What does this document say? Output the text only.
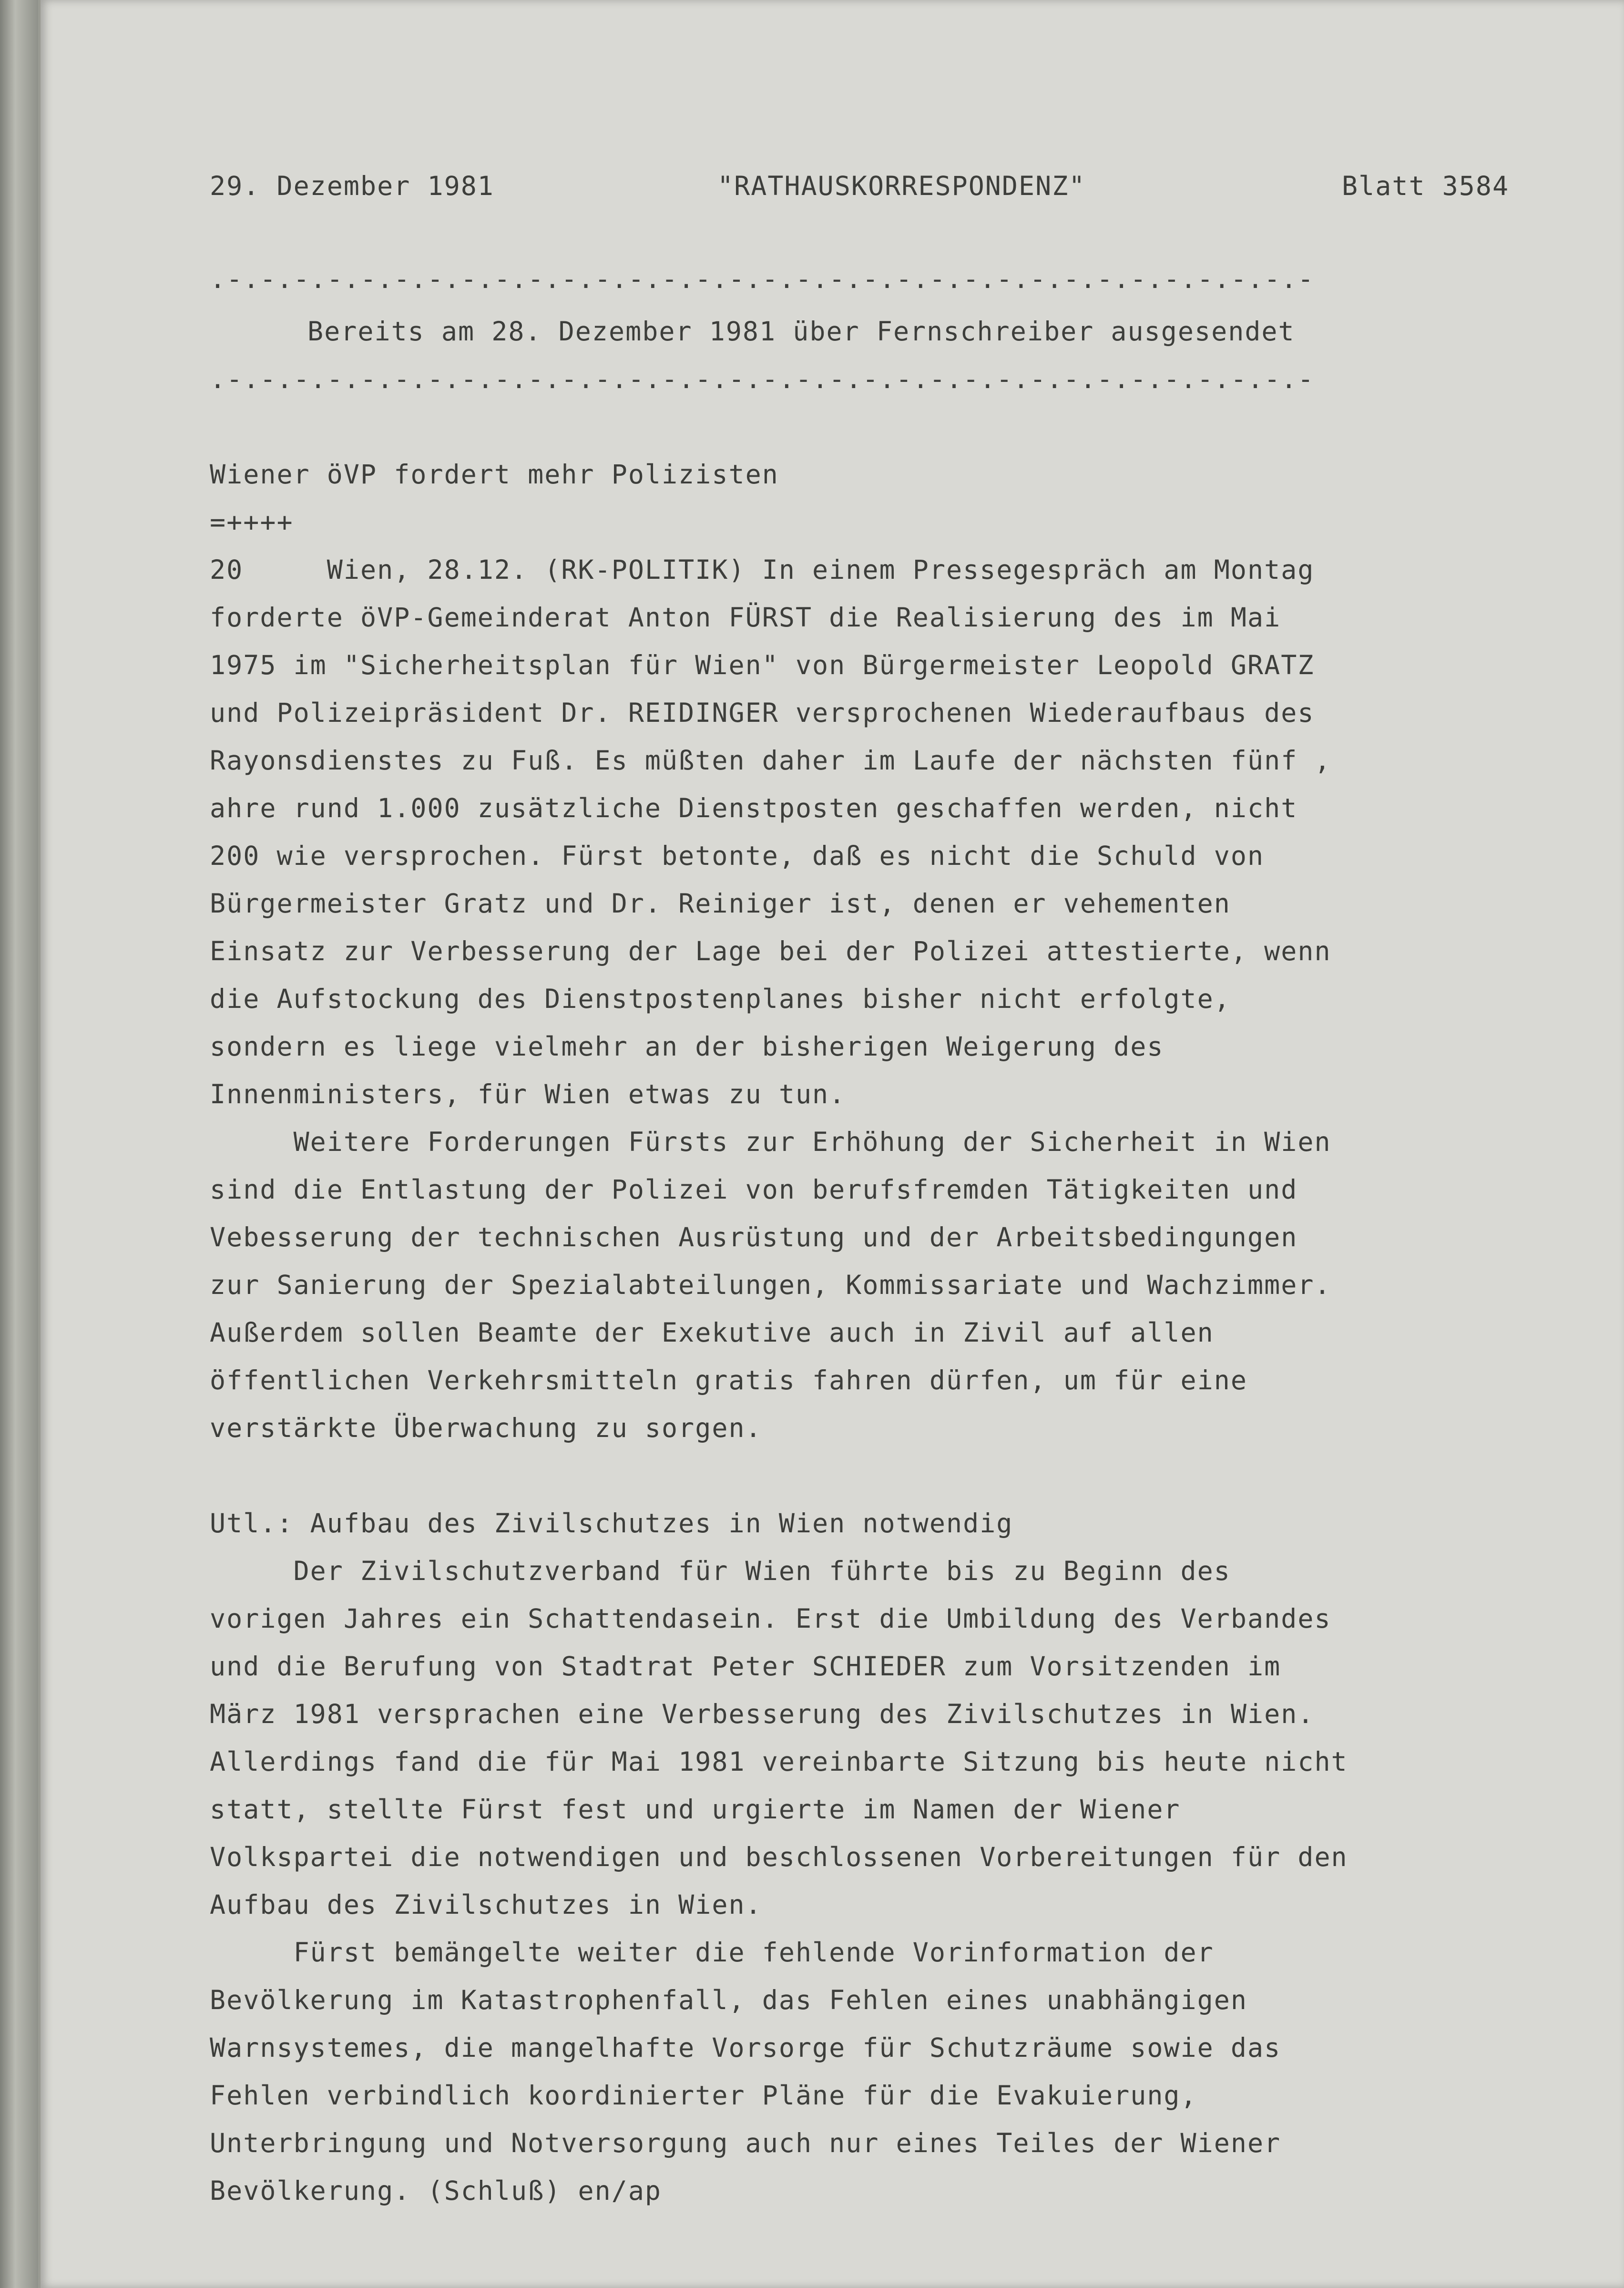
29. Dezember 1981	"RATHAUSKORRESPONDENZ"	Blatt 3584
.-.-.-.-.-.-.-.-.-.-.-.-.-.-.-.-.-.-.-.-.-.-.-.-.-.-.-.-.-.-.-.-.-
Bereits am 28. Dezember 1981 über Fernschreiber ausgesendet
.-.-.-.-.-.-.-.-.-.-.-.-.-.-.-.-.-.-.-.-.-.-.-.-.-.-.-.-.-.-.-.-.-
Wiener öVP fordert mehr Polizisten
=++++
20     Wien, 28.12. (RK-POLITIK) In einem Pressegespräch am Montag
forderte öVP-Gemeinderat Anton FÜRST die Realisierung des im Mai
1975 im "Sicherheitsplan für Wien" von Bürgermeister Leopold GRATZ
und Polizeipräsident Dr. REIDINGER versprochenen Wiederaufbaus des
Rayonsdienstes zu Fuß. Es müßten daher im Laufe der nächsten fünf ,
ahre rund 1.000 zusätzliche Dienstposten geschaffen werden, nicht
200 wie versprochen. Fürst betonte, daß es nicht die Schuld von
Bürgermeister Gratz und Dr. Reiniger ist, denen er vehementen
Einsatz zur Verbesserung der Lage bei der Polizei attestierte, wenn
die Aufstockung des Dienstpostenplanes bisher nicht erfolgte,
sondern es liege vielmehr an der bisherigen Weigerung des
Innenministers, für Wien etwas zu tun.
Weitere Forderungen Fürsts zur Erhöhung der Sicherheit in Wien
sind die Entlastung der Polizei von berufsfremden Tätigkeiten und
Vebesserung der technischen Ausrüstung und der Arbeitsbedingungen
zur Sanierung der Spezialabteilungen, Kommissariate und Wachzimmer.
Außerdem sollen Beamte der Exekutive auch in Zivil auf allen
öffentlichen Verkehrsmitteln gratis fahren dürfen, um für eine
verstärkte Überwachung zu sorgen.
Utl.: Aufbau des Zivilschutzes in Wien notwendig
Der Zivilschutzverband für Wien führte bis zu Beginn des
vorigen Jahres ein Schattendasein. Erst die Umbildung des Verbandes
und die Berufung von Stadtrat Peter SCHIEDER zum Vorsitzenden im
März 1981 versprachen eine Verbesserung des Zivilschutzes in Wien.
Allerdings fand die für Mai 1981 vereinbarte Sitzung bis heute nicht
statt, stellte Fürst fest und urgierte im Namen der Wiener
Volkspartei die notwendigen und beschlossenen Vorbereitungen für den
Aufbau des Zivilschutzes in Wien.
Fürst bemängelte weiter die fehlende Vorinformation der
Bevölkerung im Katastrophenfall, das Fehlen eines unabhängigen
Warnsystemes, die mangelhafte Vorsorge für Schutzräume sowie das
Fehlen verbindlich koordinierter Pläne für die Evakuierung,
Unterbringung und Notversorgung auch nur eines Teiles der Wiener
Bevölkerung. (Schluß) en/ap
